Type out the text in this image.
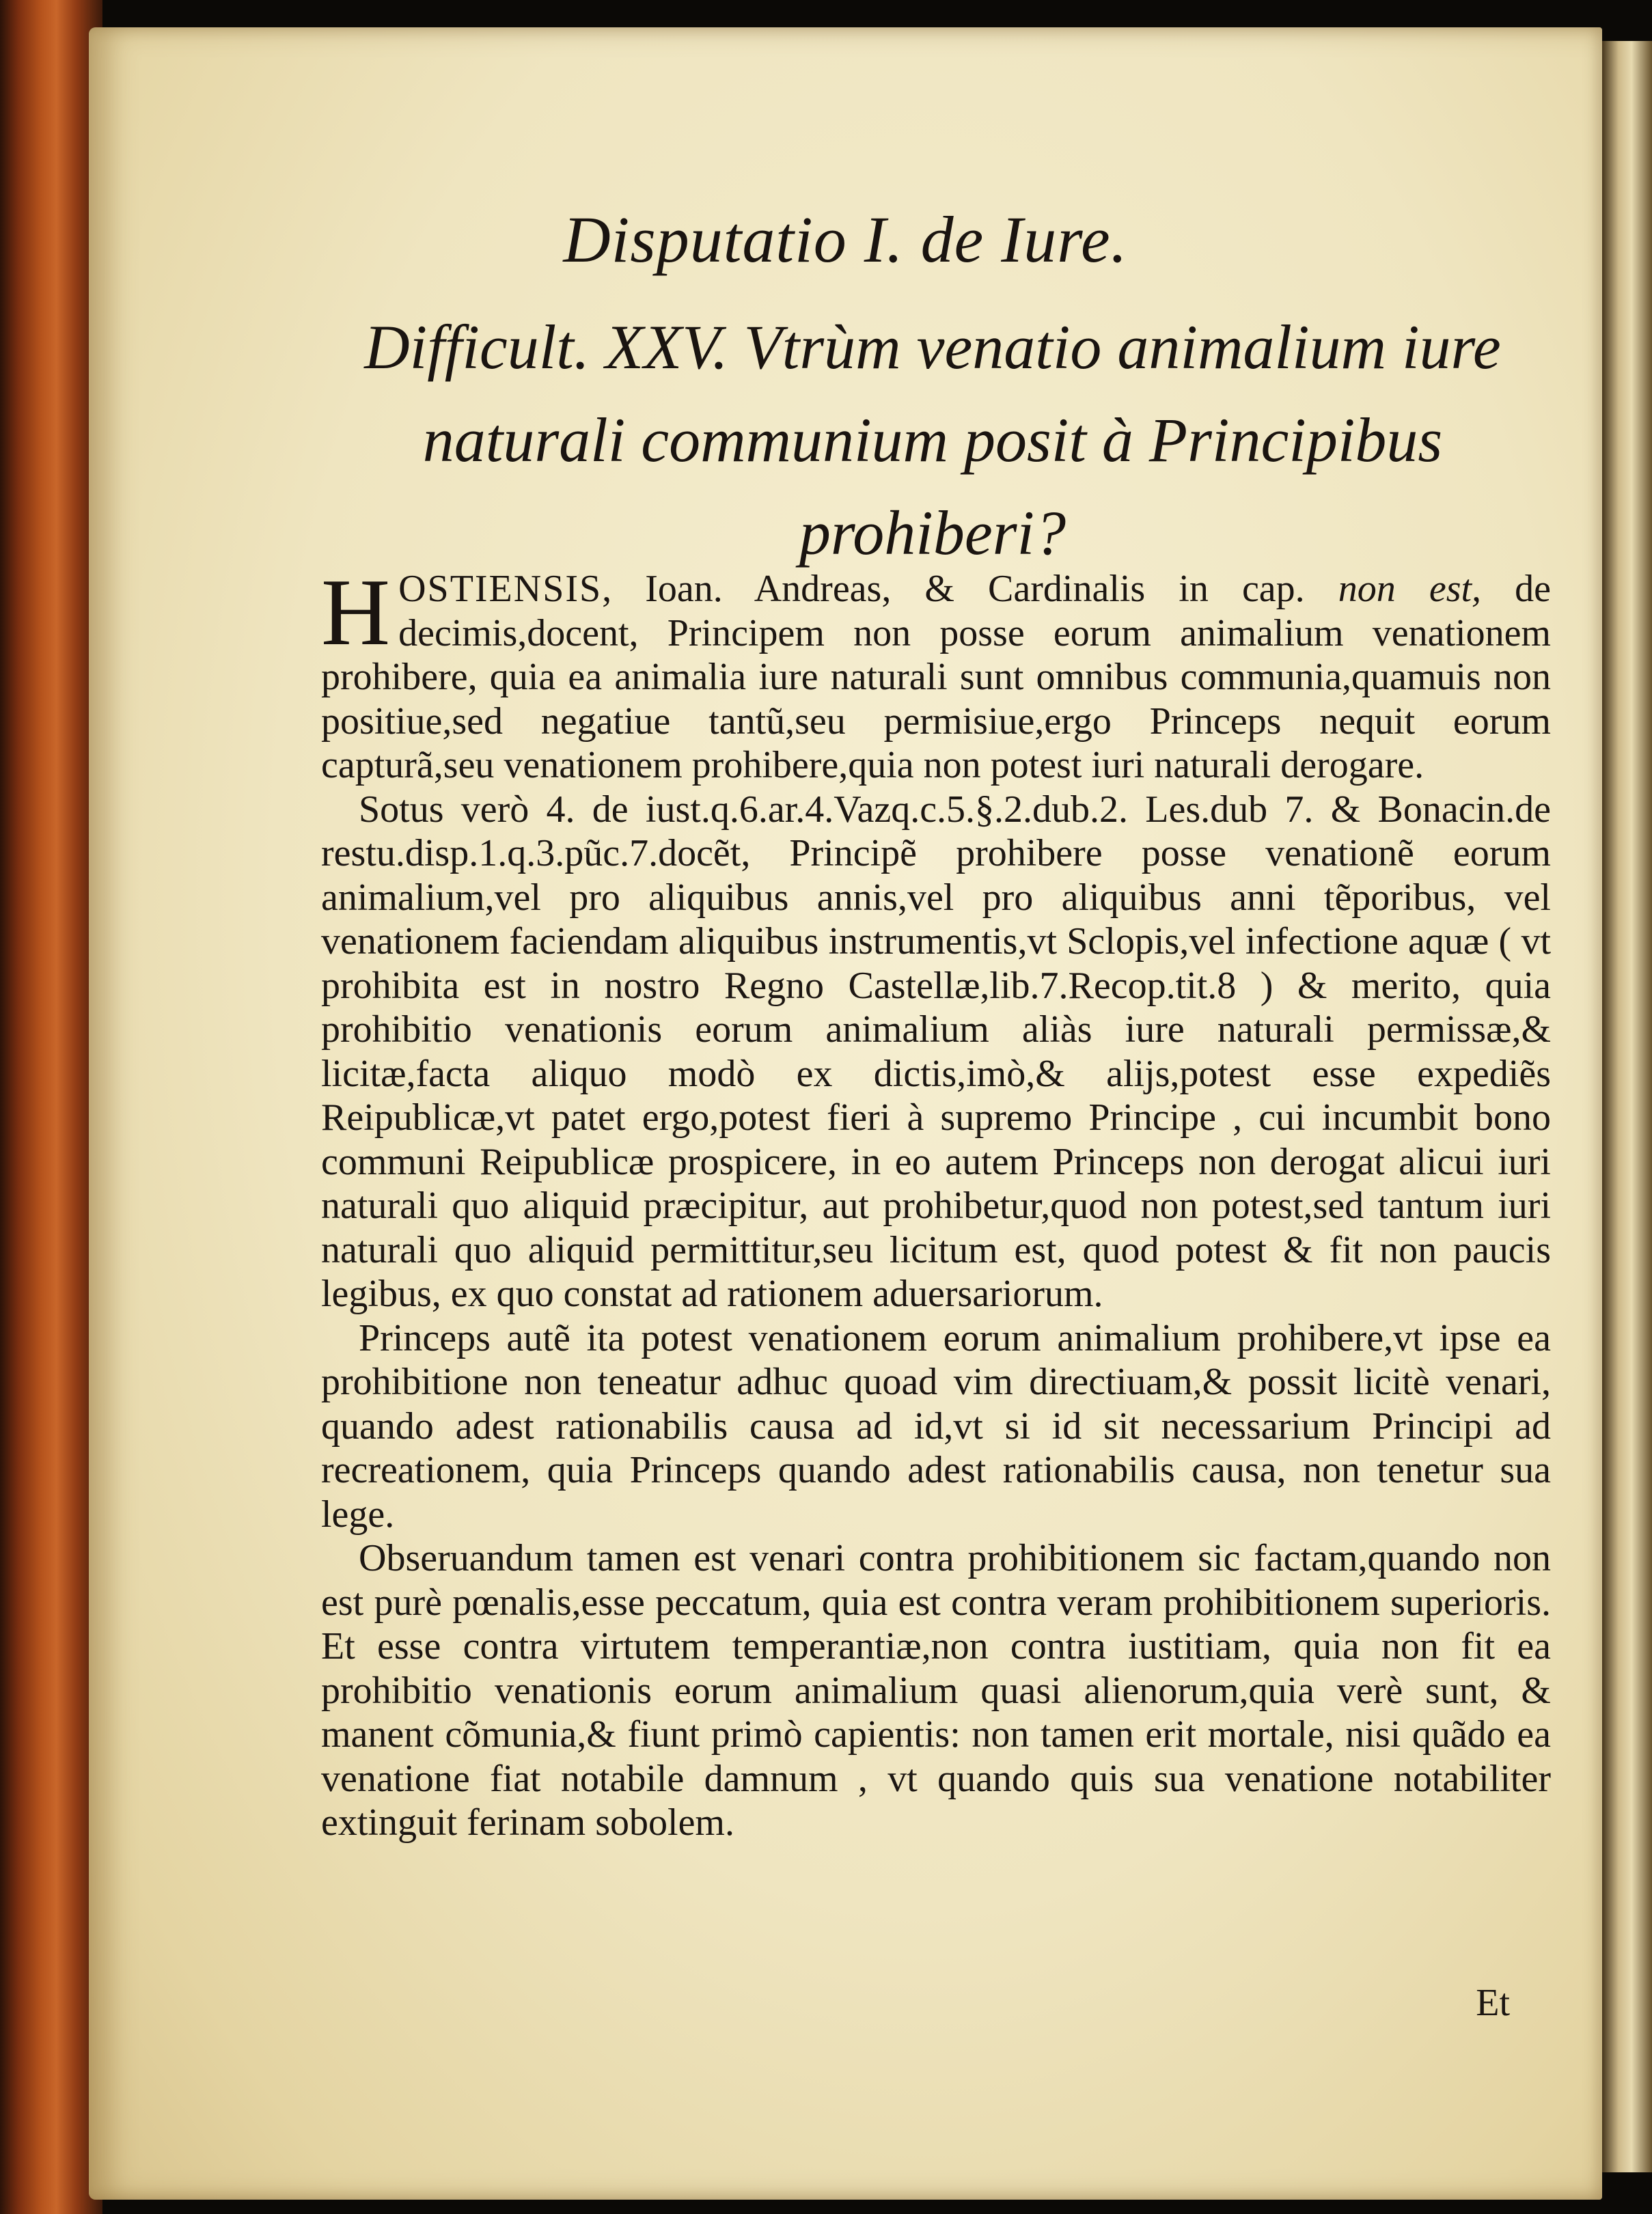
Disputatio I. de Iure.
Difficult. XXV. Vtrùm venatio animalium iure naturali communium posit à Principibus prohiberi?

HOSTIENSIS, Ioan. Andreas, & Cardinalis in cap. non est, de decimis,docent, Principem non posse eorum animalium venationem prohibere, quia ea animalia iure naturali sunt omnibus communia,quamuis non positiue,sed negatiue tantũ,seu permisiue,ergo Princeps nequit eorum capturã,seu venationem prohibere,quia non potest iuri naturali derogare.

Sotus verò 4. de iust.q.6.ar.4.Vazq.c.5.§.2.dub.2. Les.dub 7. & Bonacin.de restu.disp.1.q.3.pũc.7.docẽt, Principẽ prohibere posse venationẽ eorum animalium,vel pro aliquibus annis,vel pro aliquibus anni tẽporibus, vel venationem faciendam aliquibus instrumentis,vt Sclopis,vel infectione aquæ ( vt prohibita est in nostro Regno Castellæ,lib.7.Recop.tit.8 ) & merito, quia prohibitio venationis eorum animalium aliàs iure naturali permissæ,& licitæ,facta aliquo modò ex dictis,imò,& alijs,potest esse expediẽs Reipublicæ,vt patet ergo,potest fieri à supremo Principe , cui incumbit bono communi Reipublicæ prospicere, in eo autem Princeps non derogat alicui iuri naturali quo aliquid præcipitur, aut prohibetur,quod non potest,sed tantum iuri naturali quo aliquid permittitur,seu licitum est, quod potest & fit non paucis legibus, ex quo constat ad rationem aduersariorum.

Princeps autẽ ita potest venationem eorum animalium prohibere,vt ipse ea prohibitione non teneatur adhuc quoad vim directiuam,& possit licitè venari, quando adest rationabilis causa ad id,vt si id sit necessarium Principi ad recreationem, quia Princeps quando adest rationabilis causa, non tenetur sua lege.

Obseruandum tamen est venari contra prohibitionem sic factam,quando non est purè pœnalis,esse peccatum, quia est contra veram prohibitionem superioris. Et esse contra virtutem temperantiæ,non contra iustitiam, quia non fit ea prohibitio venationis eorum animalium quasi alienorum,quia verè sunt, & manent cõmunia,& fiunt primò capientis: non tamen erit mortale, nisi quãdo ea venatione fiat notabile damnum , vt quando quis sua venatione notabiliter extinguit ferinam sobolem.

Et
